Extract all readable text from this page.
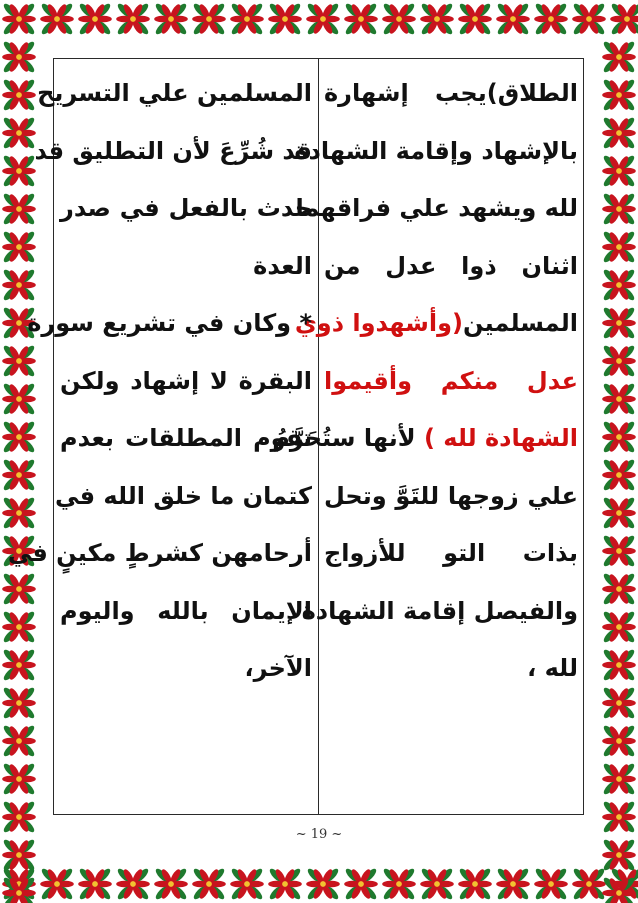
الطلاق)يجب إشهارة
بالإشهاد وإقامة الشهادة
لله ويشهد علي فراقهما
اثنان ذوا عدل من
المسلمين(وأشهدوا ذوي
عدل منكم وأقيموا
الشهادة لله ) لأنها ستُحَرَّمُ
علي زوجها للتَوَّ وتحل
بذات التو للأزواج
والفيصل إقامة الشهادة
لله ،
المسلمين علي التسريح
قد شُرِّعَ لأن التطليق قد
حدث بالفعل في صدر
العدة
* وكان في تشريع سورة
البقرة لا إشهاد ولكن
تقوم المطلقات بعدم
كتمان ما خلق الله في
أرحامهن كشرطٍ مكينٍ في
الإيمان بالله واليوم
الآخر،
~ 19 ~
